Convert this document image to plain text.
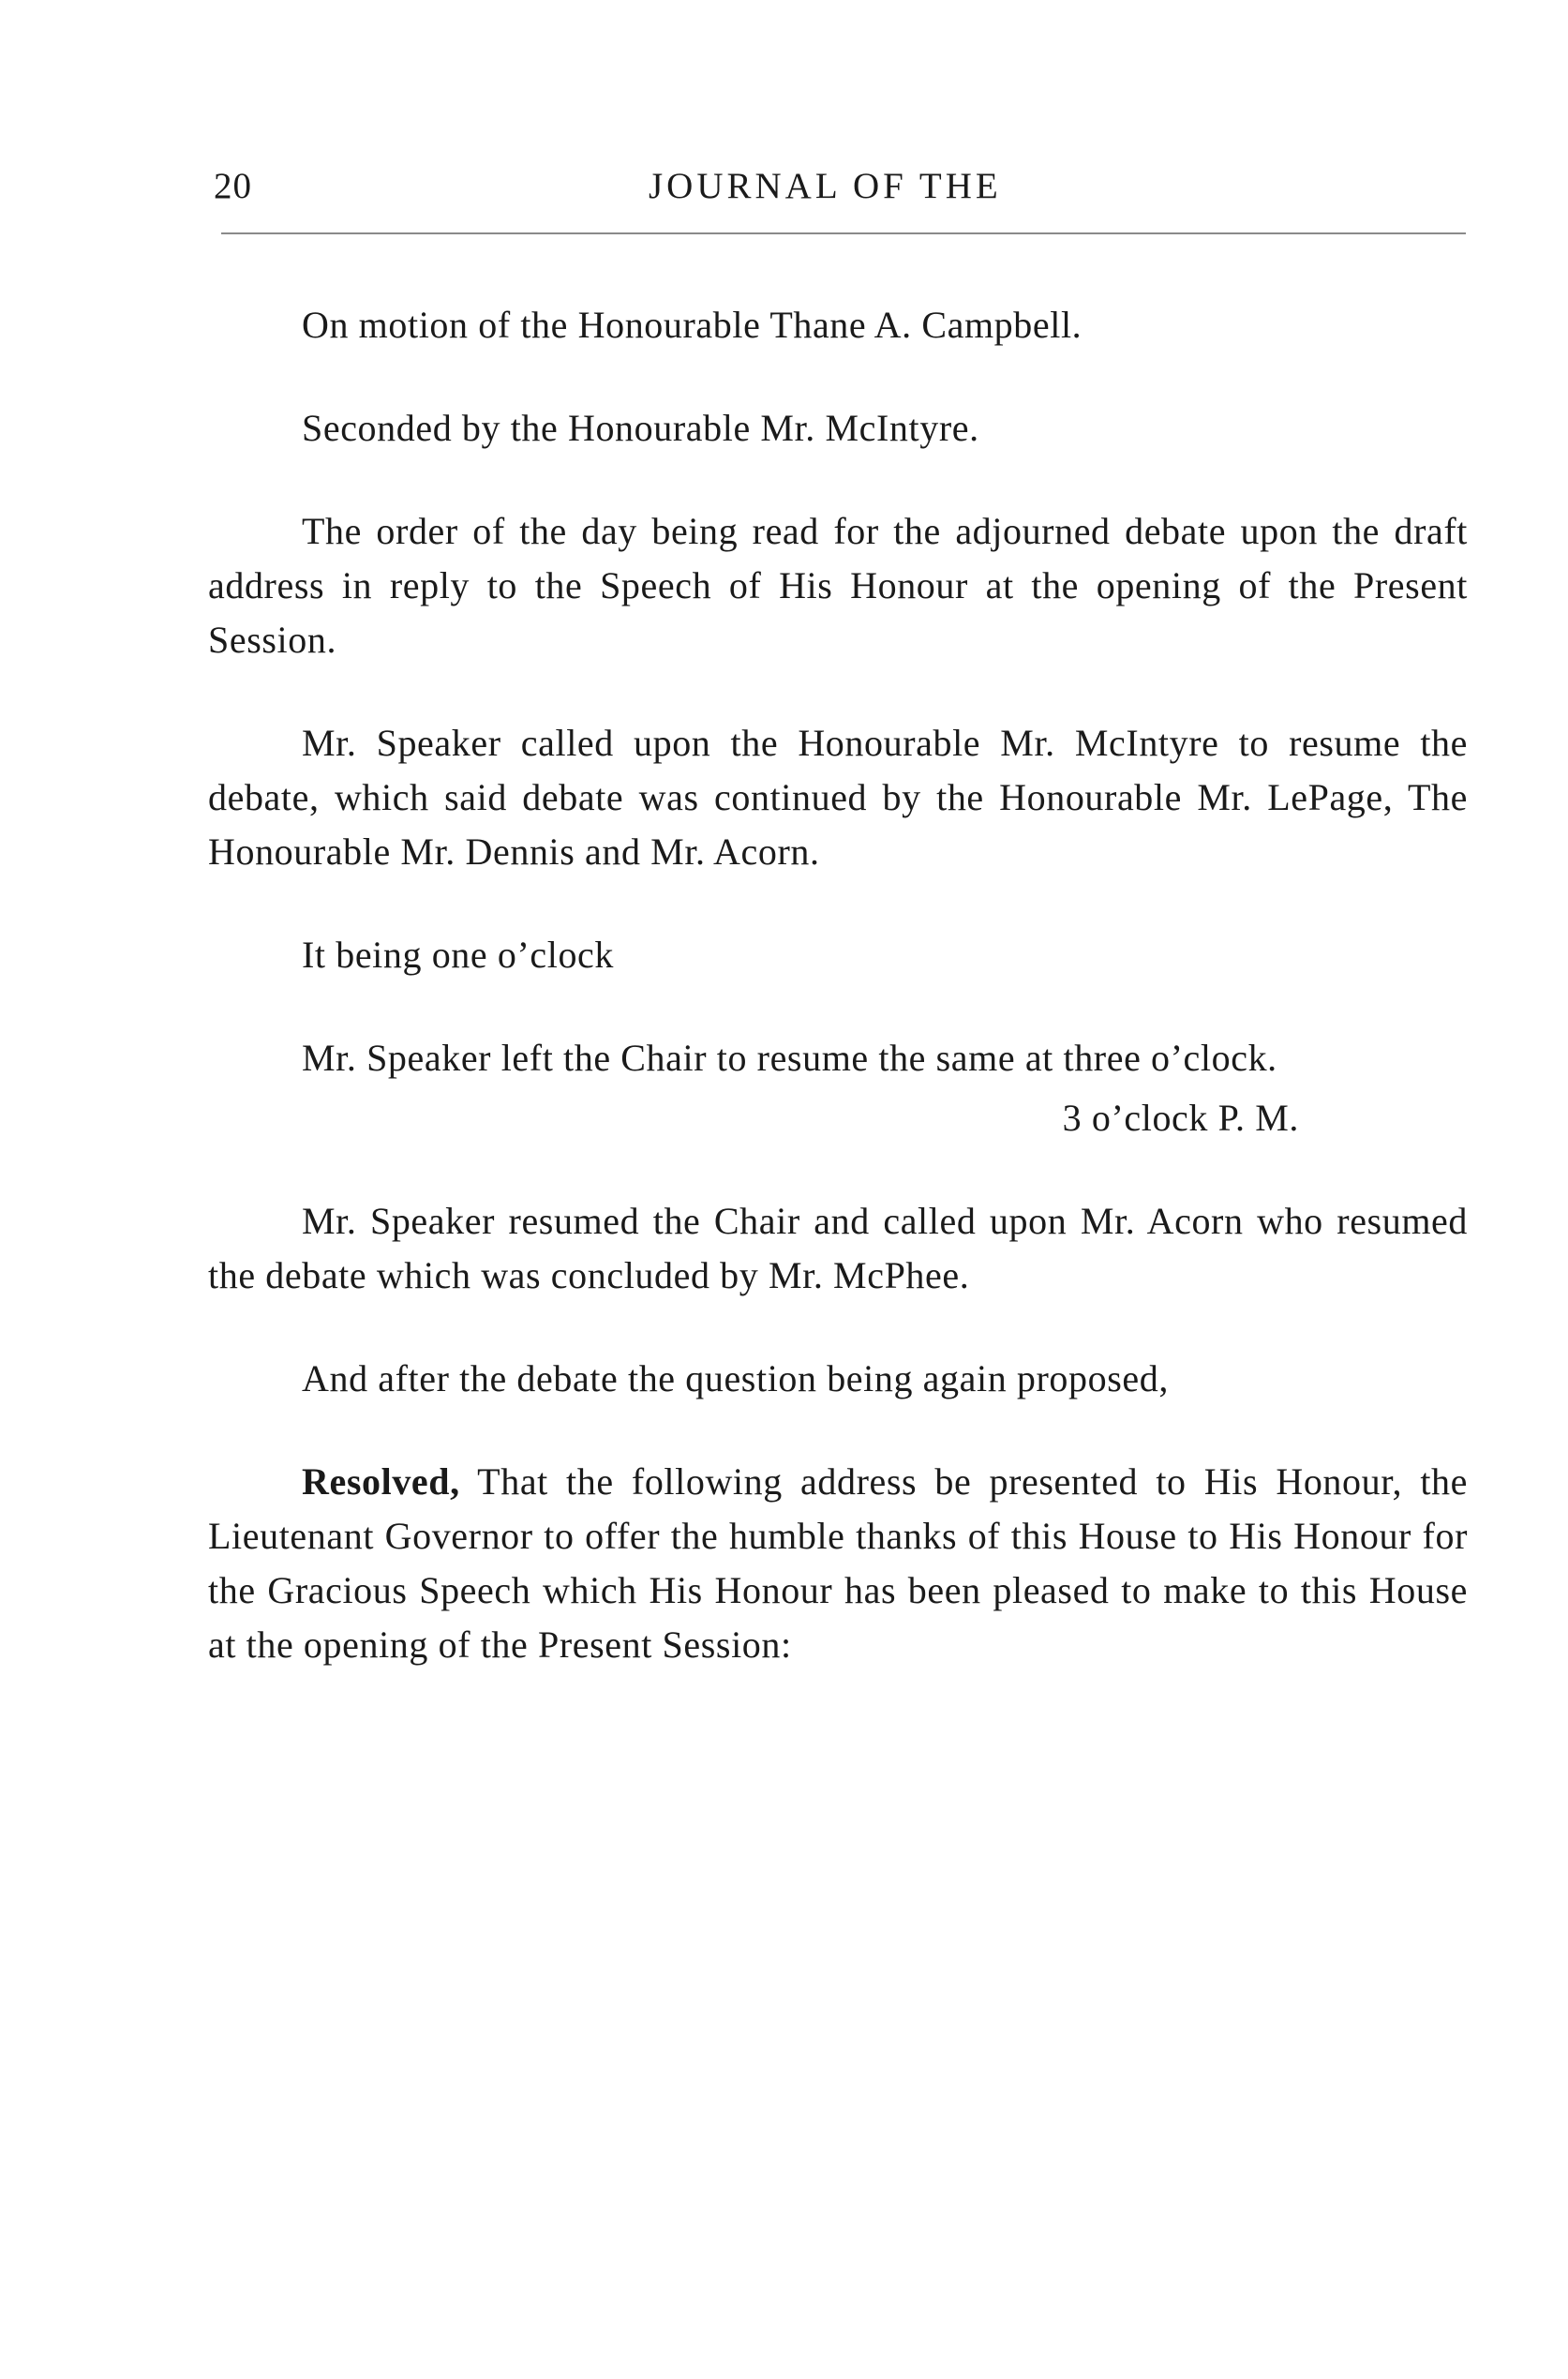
20	JOURNAL OF THE

On motion of the Honourable Thane A. Campbell.

Seconded by the Honourable Mr. McIntyre.

The order of the day being read for the adjourned debate upon the draft address in reply to the Speech of His Honour at the opening of the Present Session.

Mr. Speaker called upon the Honourable Mr. McIntyre to resume the debate, which said debate was continued by the Honourable Mr. LePage, The Honourable Mr. Dennis and Mr. Acorn.

It being one o’clock

Mr. Speaker left the Chair to resume the same at three o’clock.

3 o’clock P. M.

Mr. Speaker resumed the Chair and called upon Mr. Acorn who resumed the debate which was concluded by Mr. McPhee.

And after the debate the question being again proposed,

Resolved, That the following address be presented to His Honour, the Lieutenant Governor to offer the humble thanks of this House to His Honour for the Gracious Speech which His Honour has been pleased to make to this House at the opening of the Present Session:
